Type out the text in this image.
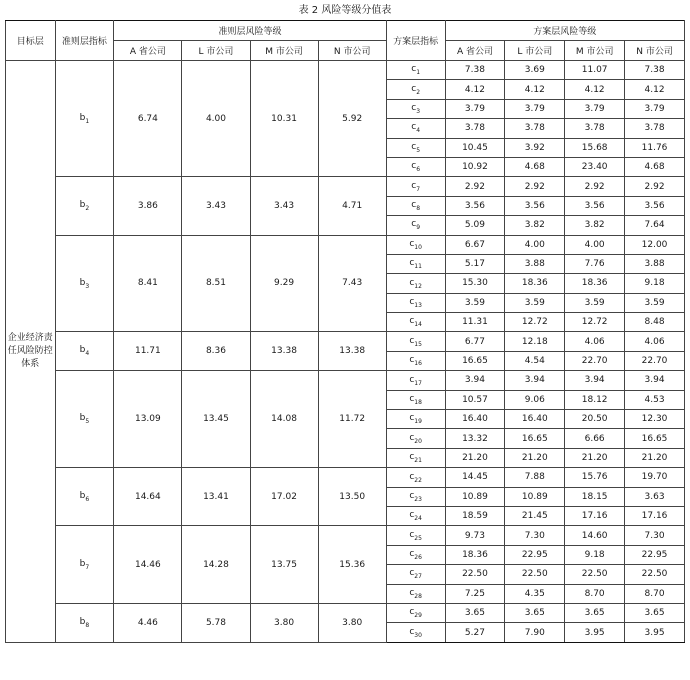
表 2 风险等级分值表
目标层	准则层指标	准则层风险等级				方案层指标	方案层风险等级			
		A 省公司	L 市公司	M 市公司	N 市公司		A 省公司	L 市公司	M 市公司	N 市公司
企业经济责任风险防控体系	$b_1$	6.74	4.00	10.31	5.92	$c_1$	7.38	3.69	11.07	7.38
						$c_2$	4.12	4.12	4.12	4.12
						$c_3$	3.79	3.79	3.79	3.79
						$c_4$	3.78	3.78	3.78	3.78
						$c_5$	10.45	3.92	15.68	11.76
						$c_6$	10.92	4.68	23.40	4.68
	$b_2$	3.86	3.43	3.43	4.71	$c_7$	2.92	2.92	2.92	2.92
						$c_8$	3.56	3.56	3.56	3.56
						$c_9$	5.09	3.82	3.82	7.64
	$b_3$	8.41	8.51	9.29	7.43	$c_{10}$	6.67	4.00	4.00	12.00
						$c_{11}$	5.17	3.88	7.76	3.88
						$c_{12}$	15.30	18.36	18.36	9.18
						$c_{13}$	3.59	3.59	3.59	3.59
						$c_{14}$	11.31	12.72	12.72	8.48
	$b_4$	11.71	8.36	13.38	13.38	$c_{15}$	6.77	12.18	4.06	4.06
						$c_{16}$	16.65	4.54	22.70	22.70
	$b_5$	13.09	13.45	14.08	11.72	$c_{17}$	3.94	3.94	3.94	3.94
						$c_{18}$	10.57	9.06	18.12	4.53
						$c_{19}$	16.40	16.40	20.50	12.30
						$c_{20}$	13.32	16.65	6.66	16.65
						$c_{21}$	21.20	21.20	21.20	21.20
	$b_6$	14.64	13.41	17.02	13.50	$c_{22}$	14.45	7.88	15.76	19.70
						$c_{23}$	10.89	10.89	18.15	3.63
						$c_{24}$	18.59	21.45	17.16	17.16
	$b_7$	14.46	14.28	13.75	15.36	$c_{25}$	9.73	7.30	14.60	7.30
						$c_{26}$	18.36	22.95	9.18	22.95
						$c_{27}$	22.50	22.50	22.50	22.50
						$c_{28}$	7.25	4.35	8.70	8.70
	$b_8$	4.46	5.78	3.80	3.80	$c_{29}$	3.65	3.65	3.65	3.65
						$c_{30}$	5.27	7.90	3.95	3.95
